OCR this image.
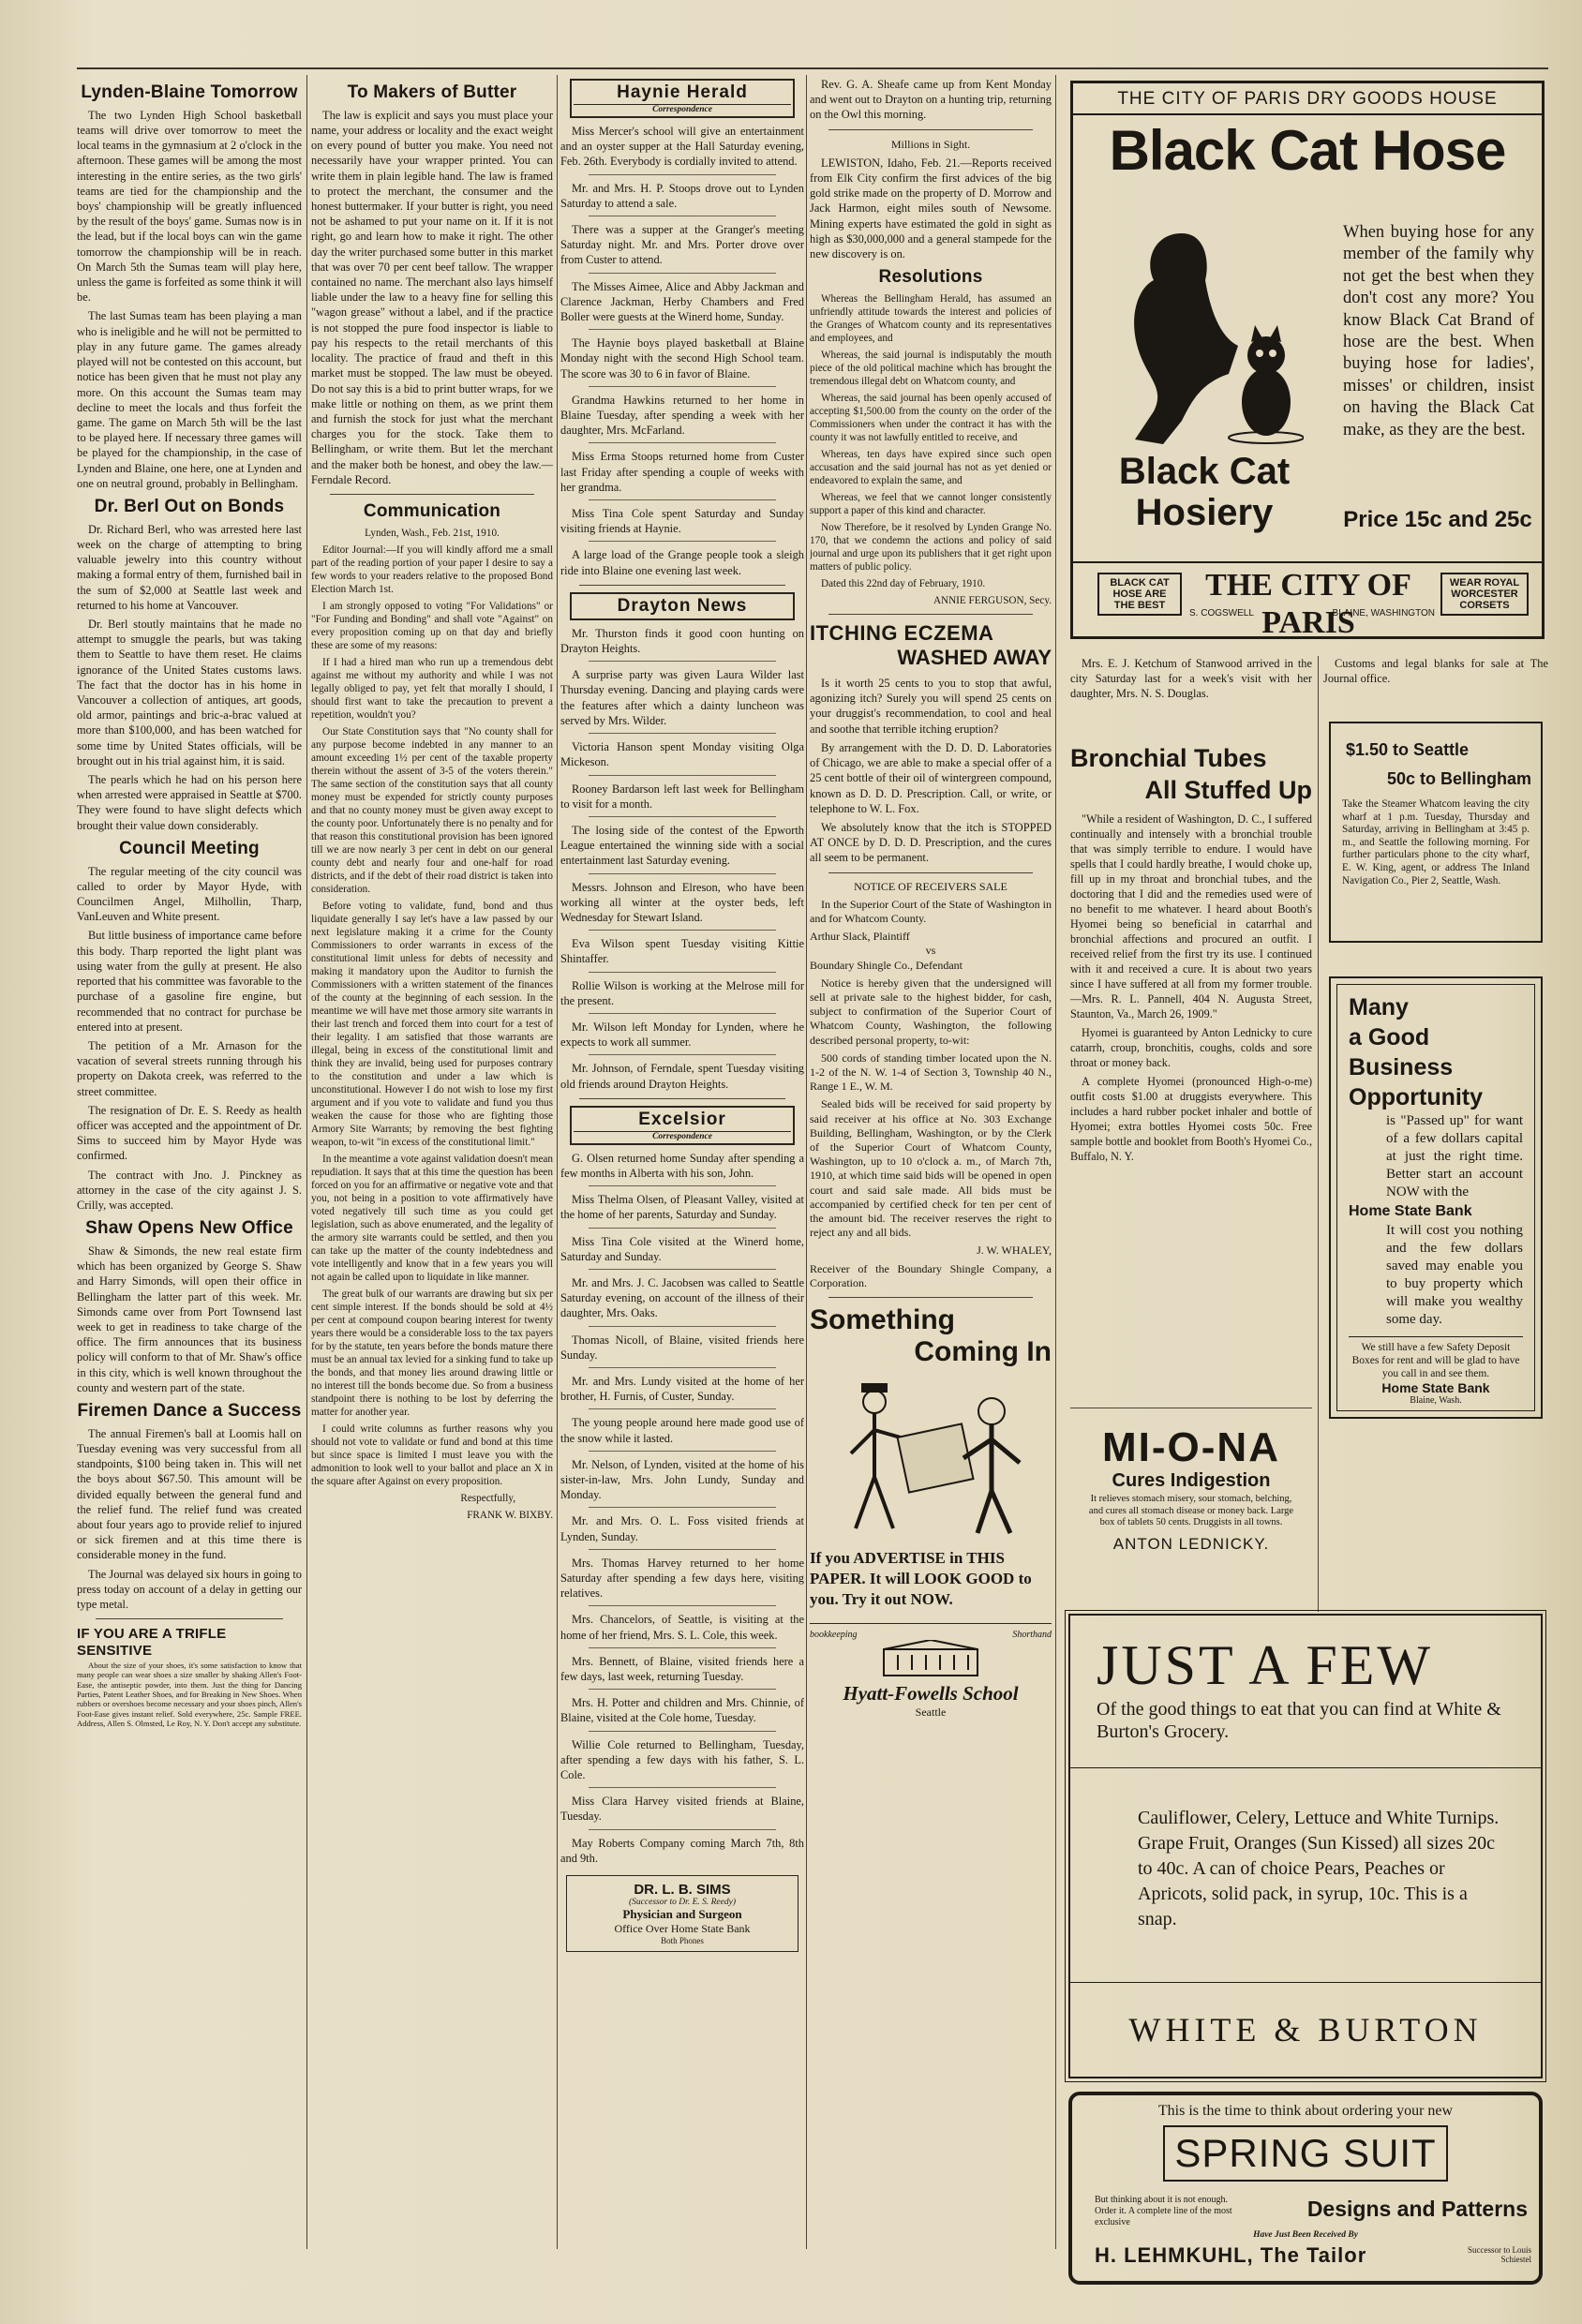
Lynden-Blaine Tomorrow

The two Lynden High School basketball teams will drive over tomorrow to meet the local teams in the gymnasium at 2 o'clock in the afternoon. These games will be among the most interesting in the entire series, as the two girls' teams are tied for the championship and the boys' championship will be greatly influenced by the result of the boys' game. Sumas now is in the lead, but if the local boys can win the game tomorrow the championship will be in reach. On March 5th the Sumas team will play here, unless the game is forfeited as some think it will be.

The last Sumas team has been playing a man who is ineligible and he will not be permitted to play in any future game. The games already played will not be contested on this account, but notice has been given that he must not play any more. On this account the Sumas team may decline to meet the locals and thus forfeit the game. The game on March 5th will be the last to be played here. If necessary three games will be played for the championship, in the case of Lynden and Blaine, one here, one at Lynden and one on neutral ground, probably in Bellingham.

Dr. Berl Out on Bonds

Dr. Richard Berl, who was arrested here last week on the charge of attempting to bring valuable jewelry into this country without making a formal entry of them, furnished bail in the sum of $2,000 at Seattle last week and returned to his home at Vancouver.

Dr. Berl stoutly maintains that he made no attempt to smuggle the pearls, but was taking them to Seattle to have them reset. He claims ignorance of the United States customs laws. The fact that the doctor has in his home in Vancouver a collection of antiques, art goods, old armor, paintings and bric-a-brac valued at more than $100,000, and has been watched for some time by United States officials, will be brought out in his trial against him, it is said.

The pearls which he had on his person here when arrested were appraised in Seattle at $700. They were found to have slight defects which brought their value down considerably.

Council Meeting

The regular meeting of the city council was called to order by Mayor Hyde, with Councilmen Angel, Milhollin, Tharp, VanLeuven and White present.

But little business of importance came before this body. Tharp reported the light plant was using water from the gully at present. He also reported that his committee was favorable to the purchase of a gasoline fire engine, but recommended that no contract for purchase be entered into at present.

The petition of a Mr. Arnason for the vacation of several streets running through his property on Dakota creek, was referred to the street committee.

The resignation of Dr. E. S. Reedy as health officer was accepted and the appointment of Dr. Sims to succeed him by Mayor Hyde was confirmed.

The contract with Jno. J. Pinckney as attorney in the case of the city against J. S. Crilly, was accepted.

Shaw Opens New Office

Shaw & Simonds, the new real estate firm which has been organized by George S. Shaw and Harry Simonds, will open their office in Bellingham the latter part of this week. Mr. Simonds came over from Port Townsend last week to get in readiness to take charge of the office. The firm announces that its business policy will conform to that of Mr. Shaw's office in this city, which is well known throughout the county and western part of the state.

Firemen Dance a Success

The annual Firemen's ball at Loomis hall on Tuesday evening was very successful from all standpoints, $100 being taken in. This will net the boys about $67.50. This amount will be divided equally between the general fund and the relief fund. The relief fund was created about four years ago to provide relief to injured or sick firemen and at this time there is considerable money in the fund.

The Journal was delayed six hours in going to press today on account of a delay in getting our type metal.

IF YOU ARE A TRIFLE SENSITIVE

About the size of your shoes, it's some satisfaction to know that many people can wear shoes a size smaller by shaking Allen's Foot-Ease, the antiseptic powder, into them. Just the thing for Dancing Parties, Patent Leather Shoes, and for Breaking in New Shoes. When rubbers or overshoes become necessary and your shoes pinch, Allen's Foot-Ease gives instant relief. Sold everywhere, 25c. Sample FREE. Address, Allen S. Olmsted, Le Roy, N. Y. Don't accept any substitute.

To Makers of Butter

The law is explicit and says you must place your name, your address or locality and the exact weight on every pound of butter you make. You need not necessarily have your wrapper printed. You can write them in plain legible hand. The law is framed to protect the merchant, the consumer and the honest buttermaker. If your butter is right, you need not be ashamed to put your name on it. If it is not right, go and learn how to make it right. The other day the writer purchased some butter in this market that was over 70 per cent beef tallow. The wrapper contained no name. The merchant also lays himself liable under the law to a heavy fine for selling this "wagon grease" without a label, and if the practice is not stopped the pure food inspector is liable to pay his respects to the retail merchants of this locality. The practice of fraud and theft in this market must be stopped. The law must be obeyed. Do not say this is a bid to print butter wraps, for we make little or nothing on them, as we print them and furnish the stock for just what the merchant charges you for the stock. Take them to Bellingham, or write them. But let the merchant and the maker both be honest, and obey the law.—Ferndale Record.

Communication

Lynden, Wash., Feb. 21st, 1910.

Editor Journal:—If you will kindly afford me a small part of the reading portion of your paper I desire to say a few words to your readers relative to the proposed Bond Election March 1st.

I am strongly opposed to voting "For Validations" or "For Funding and Bonding" and shall vote "Against" on every proposition coming up on that day and briefly these are some of my reasons:

If I had a hired man who run up a tremendous debt against me without my authority and while I was not legally obliged to pay, yet felt that morally I should, I should first want to take the precaution to prevent a repetition, wouldn't you?

Our State Constitution says that "No county shall for any purpose become indebted in any manner to an amount exceeding 1½ per cent of the taxable property therein without the assent of 3-5 of the voters therein." The same section of the constitution says that all county money must be expended for strictly county purposes and that no county money must be given away except to the county poor. Unfortunately there is no penalty and for that reason this constitutional provision has been ignored till we are now nearly 3 per cent in debt on our general county debt and nearly four and one-half for road districts, and if the debt of their road district is taken into consideration.

Before voting to validate, fund, bond and thus liquidate generally I say let's have a law passed by our next legislature making it a crime for the County Commissioners to order warrants in excess of the constitutional limit unless for debts of necessity and making it mandatory upon the Auditor to furnish the Commissioners with a written statement of the finances of the county at the beginning of each session. In the meantime we will have met those armory site warrants in their last trench and forced them into court for a test of their legality. I am satisfied that those warrants are illegal, being in excess of the constitutional limit and think they are invalid, being used for purposes contrary to the constitution and under a law which is unconstitutional. However I do not wish to lose my first argument and if you vote to validate and fund you thus weaken the cause for those who are fighting those Armory Site Warrants; by removing the best fighting weapon, to-wit "in excess of the constitutional limit."

In the meantime a vote against validation doesn't mean repudiation. It says that at this time the question has been forced on you for an affirmative or negative vote and that you, not being in a position to vote affirmatively have voted negatively till such time as you could get legislation, such as above enumerated, and the legality of the armory site warrants could be settled, and then you can take up the matter of the county indebtedness and vote intelligently and know that in a few years you will not again be called upon to liquidate in like manner.

The great bulk of our warrants are drawing but six per cent simple interest. If the bonds should be sold at 4½ per cent at compound coupon bearing interest for twenty years there would be a considerable loss to the tax payers for by the statute, ten years before the bonds mature there must be an annual tax levied for a sinking fund to take up the bonds, and that money lies around drawing little or no interest till the bonds become due. So from a business standpoint there is nothing to be lost by deferring the matter for another year.

I could write columns as further reasons why you should not vote to validate or fund and bond at this time but since space is limited I must leave you with the admonition to look well to your ballot and place an X in the square after Against on every proposition.

Respectfully,

FRANK W. BIXBY.

Haynie Herald
Correspondence

Miss Mercer's school will give an entertainment and an oyster supper at the Hall Saturday evening, Feb. 26th. Everybody is cordially invited to attend.

Mr. and Mrs. H. P. Stoops drove out to Lynden Saturday to attend a sale.

There was a supper at the Granger's meeting Saturday night. Mr. and Mrs. Porter drove over from Custer to attend.

The Misses Aimee, Alice and Abby Jackman and Clarence Jackman, Herby Chambers and Fred Boller were guests at the Winerd home, Sunday.

The Haynie boys played basketball at Blaine Monday night with the second High School team. The score was 30 to 6 in favor of Blaine.

Grandma Hawkins returned to her home in Blaine Tuesday, after spending a week with her daughter, Mrs. McFarland.

Miss Erma Stoops returned home from Custer last Friday after spending a couple of weeks with her grandma.

Miss Tina Cole spent Saturday and Sunday visiting friends at Haynie.

A large load of the Grange people took a sleigh ride into Blaine one evening last week.

Drayton News

Mr. Thurston finds it good coon hunting on Drayton Heights.

A surprise party was given Laura Wilder last Thursday evening. Dancing and playing cards were the features after which a dainty luncheon was served by Mrs. Wilder.

Victoria Hanson spent Monday visiting Olga Mickeson.

Rooney Bardarson left last week for Bellingham to visit for a month.

The losing side of the contest of the Epworth League entertained the winning side with a social entertainment last Saturday evening.

Messrs. Johnson and Elreson, who have been working all winter at the oyster beds, left Wednesday for Stewart Island.

Eva Wilson spent Tuesday visiting Kittie Shintaffer.

Rollie Wilson is working at the Melrose mill for the present.

Mr. Wilson left Monday for Lynden, where he expects to work all summer.

Mr. Johnson, of Ferndale, spent Tuesday visiting old friends around Drayton Heights.

Excelsior
Correspondence

G. Olsen returned home Sunday after spending a few months in Alberta with his son, John.

Miss Thelma Olsen, of Pleasant Valley, visited at the home of her parents, Saturday and Sunday.

Miss Tina Cole visited at the Winerd home, Saturday and Sunday.

Mr. and Mrs. J. C. Jacobsen was called to Seattle Saturday evening, on account of the illness of their daughter, Mrs. Oaks.

Thomas Nicoll, of Blaine, visited friends here Sunday.

Mr. and Mrs. Lundy visited at the home of her brother, H. Furnis, of Custer, Sunday.

The young people around here made good use of the snow while it lasted.

Mr. Nelson, of Lynden, visited at the home of his sister-in-law, Mrs. John Lundy, Sunday and Monday.

Mr. and Mrs. O. L. Foss visited friends at Lynden, Sunday.

Mrs. Thomas Harvey returned to her home Saturday after spending a few days here, visiting relatives.

Mrs. Chancelors, of Seattle, is visiting at the home of her friend, Mrs. S. L. Cole, this week.

Mrs. Bennett, of Blaine, visited friends here a few days, last week, returning Tuesday.

Mrs. H. Potter and children and Mrs. Chinnie, of Blaine, visited at the Cole home, Tuesday.

Willie Cole returned to Bellingham, Tuesday, after spending a few days with his father, S. L. Cole.

Miss Clara Harvey visited friends at Blaine, Tuesday.

May Roberts Company coming March 7th, 8th and 9th.

DR. L. B. SIMS
(Successor to Dr. E. S. Reedy)
Physician and Surgeon
Office Over Home State Bank
Both Phones

Rev. G. A. Sheafe came up from Kent Monday and went out to Drayton on a hunting trip, returning on the Owl this morning.

Millions in Sight.

LEWISTON, Idaho, Feb. 21.—Reports received from Elk City confirm the first advices of the big gold strike made on the property of D. Morrow and Jack Harmon, eight miles south of Newsome. Mining experts have estimated the gold in sight as high as $30,000,000 and a general stampede for the new discovery is on.

Resolutions

Whereas the Bellingham Herald, has assumed an unfriendly attitude towards the interest and policies of the Granges of Whatcom county and its representatives and employees, and

Whereas, the said journal is indisputably the mouth piece of the old political machine which has brought the tremendous illegal debt on Whatcom county, and

Whereas, the said journal has been openly accused of accepting $1,500.00 from the county on the order of the Commissioners when under the contract it has with the county it was not lawfully entitled to receive, and

Whereas, ten days have expired since such open accusation and the said journal has not as yet denied or endeavored to explain the same, and

Whereas, we feel that we cannot longer consistently support a paper of this kind and character.

Now Therefore, be it resolved by Lynden Grange No. 170, that we condemn the actions and policy of said journal and urge upon its publishers that it get right upon matters of public policy.

Dated this 22nd day of February, 1910.

ANNIE FERGUSON, Secy.

ITCHING ECZEMA
WASHED AWAY

Is it worth 25 cents to you to stop that awful, agonizing itch? Surely you will spend 25 cents on your druggist's recommendation, to cool and heal and soothe that terrible itching eruption?

By arrangement with the D. D. D. Laboratories of Chicago, we are able to make a special offer of a 25 cent bottle of their oil of wintergreen compound, known as D. D. D. Prescription. Call, or write, or telephone to W. L. Fox.

We absolutely know that the itch is STOPPED AT ONCE by D. D. D. Prescription, and the cures all seem to be permanent.

NOTICE OF RECEIVERS SALE

In the Superior Court of the State of Washington in and for Whatcom County.

Arthur Slack, Plaintiff

vs

Boundary Shingle Co., Defendant

Notice is hereby given that the undersigned will sell at private sale to the highest bidder, for cash, subject to confirmation of the Superior Court of Whatcom County, Washington, the following described personal property, to-wit:

500 cords of standing timber located upon the N. 1-2 of the N. W. 1-4 of Section 3, Township 40 N., Range 1 E., W. M.

Sealed bids will be received for said property by said receiver at his office at No. 303 Exchange Building, Bellingham, Washington, or by the Clerk of the Superior Court of Whatcom County, Washington, up to 10 o'clock a. m., of March 7th, 1910, at which time said bids will be opened in open court and said sale made. All bids must be accompanied by certified check for ten per cent of the amount bid. The receiver reserves the right to reject any and all bids.

J. W. WHALEY,

Receiver of the Boundary Shingle Company, a Corporation.

Something
Coming In

If you ADVERTISE in THIS PAPER. It will LOOK GOOD to you. Try it out NOW.

bookkeeping	Shorthand
Hyatt-Fowells School
Seattle
THE CITY OF PARIS DRY GOODS HOUSE
Black Cat Hose
When buying hose for any member of the family why not get the best when they don't cost any more? You know Black Cat Brand of hose are the best. When buying hose for ladies', misses' or children, insist on having the Black Cat make, as they are the best.
Black Cat
Hosiery	Price 15c and 25c
BLACK CAT HOSE ARE THE BEST
THE CITY OF PARIS
S. COGSWELL	BLAINE, WASHINGTON
WEAR ROYAL WORCESTER CORSETS

Mrs. E. J. Ketchum of Stanwood arrived in the city Saturday last for a week's visit with her daughter, Mrs. N. S. Douglas.

Customs and legal blanks for sale at The Journal office.

$1.50 to Seattle
50c to Bellingham
Take the Steamer Whatcom leaving the city wharf at 1 p.m. Tuesday, Thursday and Saturday, arriving in Bellingham at 3:45 p. m., and Seattle the following morning. For further particulars phone to the city wharf, E. W. King, agent, or address The Inland Navigation Co., Pier 2, Seattle, Wash.
Bronchial Tubes
All Stuffed Up

"While a resident of Washington, D. C., I suffered continually and intensely with a bronchial trouble that was simply terrible to endure. I would have spells that I could hardly breathe, I would choke up, fill up in my throat and bronchial tubes, and the doctoring that I did and the remedies used were of no benefit to me whatever. I heard about Booth's Hyomei being so beneficial in catarrhal and bronchial affections and procured an outfit. I received relief from the first try its use. I continued with it and received a cure. It is about two years since I have suffered at all from my former trouble.—Mrs. R. L. Pannell, 404 N. Augusta Street, Staunton, Va., March 26, 1909."

Hyomei is guaranteed by Anton Lednicky to cure catarrh, croup, bronchitis, coughs, colds and sore throat or money back.

A complete Hyomei (pronounced High-o-me) outfit costs $1.00 at druggists everywhere. This includes a hard rubber pocket inhaler and bottle of Hyomei; extra bottles Hyomei costs 50c. Free sample bottle and booklet from Booth's Hyomei Co., Buffalo, N. Y.

Many
a Good
Business
Opportunity
is "Passed up" for want of a few dollars capital at just the right time. Better start an account NOW with the
Home State Bank
It will cost you nothing and the few dollars saved may enable you to buy property which will make you wealthy some day.
We still have a few Safety Deposit Boxes for rent and will be glad to have you call in and see them.
Home State Bank
Blaine, Wash.
MI-O-NA
Cures Indigestion
It relieves stomach misery, sour stomach, belching, and cures all stomach disease or money back. Large box of tablets 50 cents. Druggists in all towns.
ANTON LEDNICKY.
JUST A FEW
Of the good things to eat that you can find at White & Burton's Grocery.
Cauliflower, Celery, Lettuce and White Turnips. Grape Fruit, Oranges (Sun Kissed) all sizes 20c to 40c. A can of choice Pears, Peaches or Apricots, solid pack, in syrup, 10c. This is a snap.
WHITE & BURTON
This is the time to think about ordering your new
SPRING SUIT
But thinking about it is not enough. Order it. A complete line of the most exclusive
Designs and Patterns
Have Just Been Received By
H. LEHMKUHL, The Tailor	Successor to Louis Schiestel
